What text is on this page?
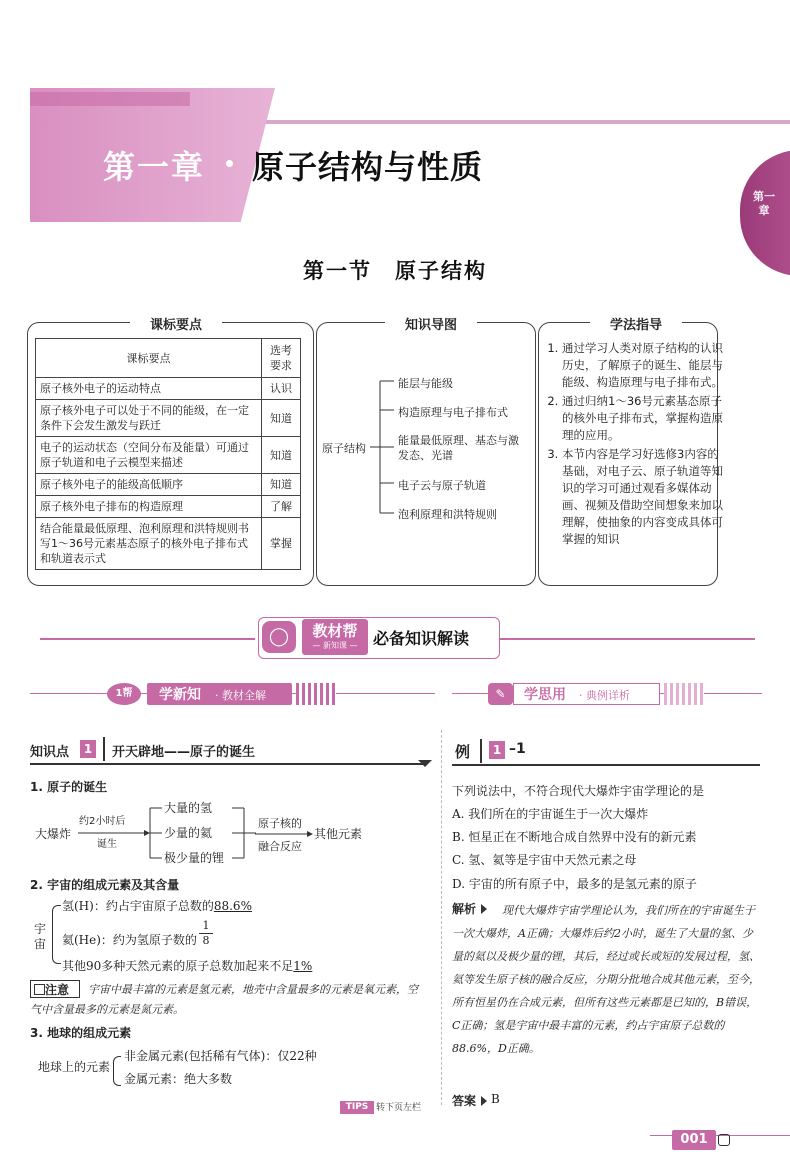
第一章 原子结构与性质
第一章
第一节　原子结构
课标要点
课标要点	选考要求
原子核外电子的运动特点	认识
原子核外电子可以处于不同的能级，在一定条件下会发生激发与跃迁	知道
电子的运动状态（空间分布及能量）可通过原子轨道和电子云模型来描述	知道
原子核外电子的能级高低顺序	知道
原子核外电子排布的构造原理	了解
结合能量最低原理、泡利原理和洪特规则书写1～36号元素基态原子的核外电子排布式和轨道表示式	掌握
知识导图
原子结构
能层与能级
构造原理与电子排布式
能量最低原理、基态与激发态、光谱
电子云与原子轨道
泡利原理和洪特规则
学法指导
1. 通过学习人类对原子结构的认识历史，了解原子的诞生、能层与能级、构造原理与电子排布式。
2. 通过归纳1～36号元素基态原子的核外电子排布式，掌握构造原理的应用。
3. 本节内容是学习好选修3内容的基础，对电子云、原子轨道等知识的学习可通过观看多媒体动画、视频及借助空间想象来加以理解，使抽象的内容变成具体可掌握的知识
◯	教材帮
— 新知课 — 必备知识解读
1帮	学新知 · 教材全解
知识点	1 开天辟地——原子的诞生
1. 原子的诞生
大爆炸
约2小时后
诞生
大量的氢
少量的氦
极少量的锂
原子核的
融合反应
其他元素
2. 宇宙的组成元素及其含量
宇宙
氢(H)：约占宇宙原子总数的88.6%
氦(He)：约为氢原子数的 $\frac{1}{8}$
其他90多种天然元素的原子总数加起来不足1%
注意	宇宙中最丰富的元素是氢元素，地壳中含量最多的元素是氧元素，空气中含量最多的元素是氮元素。
3. 地球的组成元素
地球上的元素
非金属元素(包括稀有气体)：仅22种
金属元素：绝大多数
TIPS 转下页左栏
✎	学思用 · 典例详析
例	1 –1
下列说法中，不符合现代大爆炸宇宙学理论的是
A. 我们所在的宇宙诞生于一次大爆炸
B. 恒星正在不断地合成自然界中没有的新元素
C. 氢、氦等是宇宙中天然元素之母
D. 宇宙的所有原子中，最多的是氢元素的原子
现代大爆炸宇宙学理论认为，我们所在的宇宙诞生于一次大爆炸，A正确；大爆炸后约2小时，诞生了大量的氢、少量的氦以及极少量的锂，其后，经过或长或短的发展过程，氢、氦等发生原子核的融合反应，分期分批地合成其他元素，至今，所有恒星仍在合成元素，但所有这些元素都是已知的，B错误，C正确；氢是宇宙中最丰富的元素，约占宇宙原子总数的88.6%，D正确。
解析
答案 B
001
